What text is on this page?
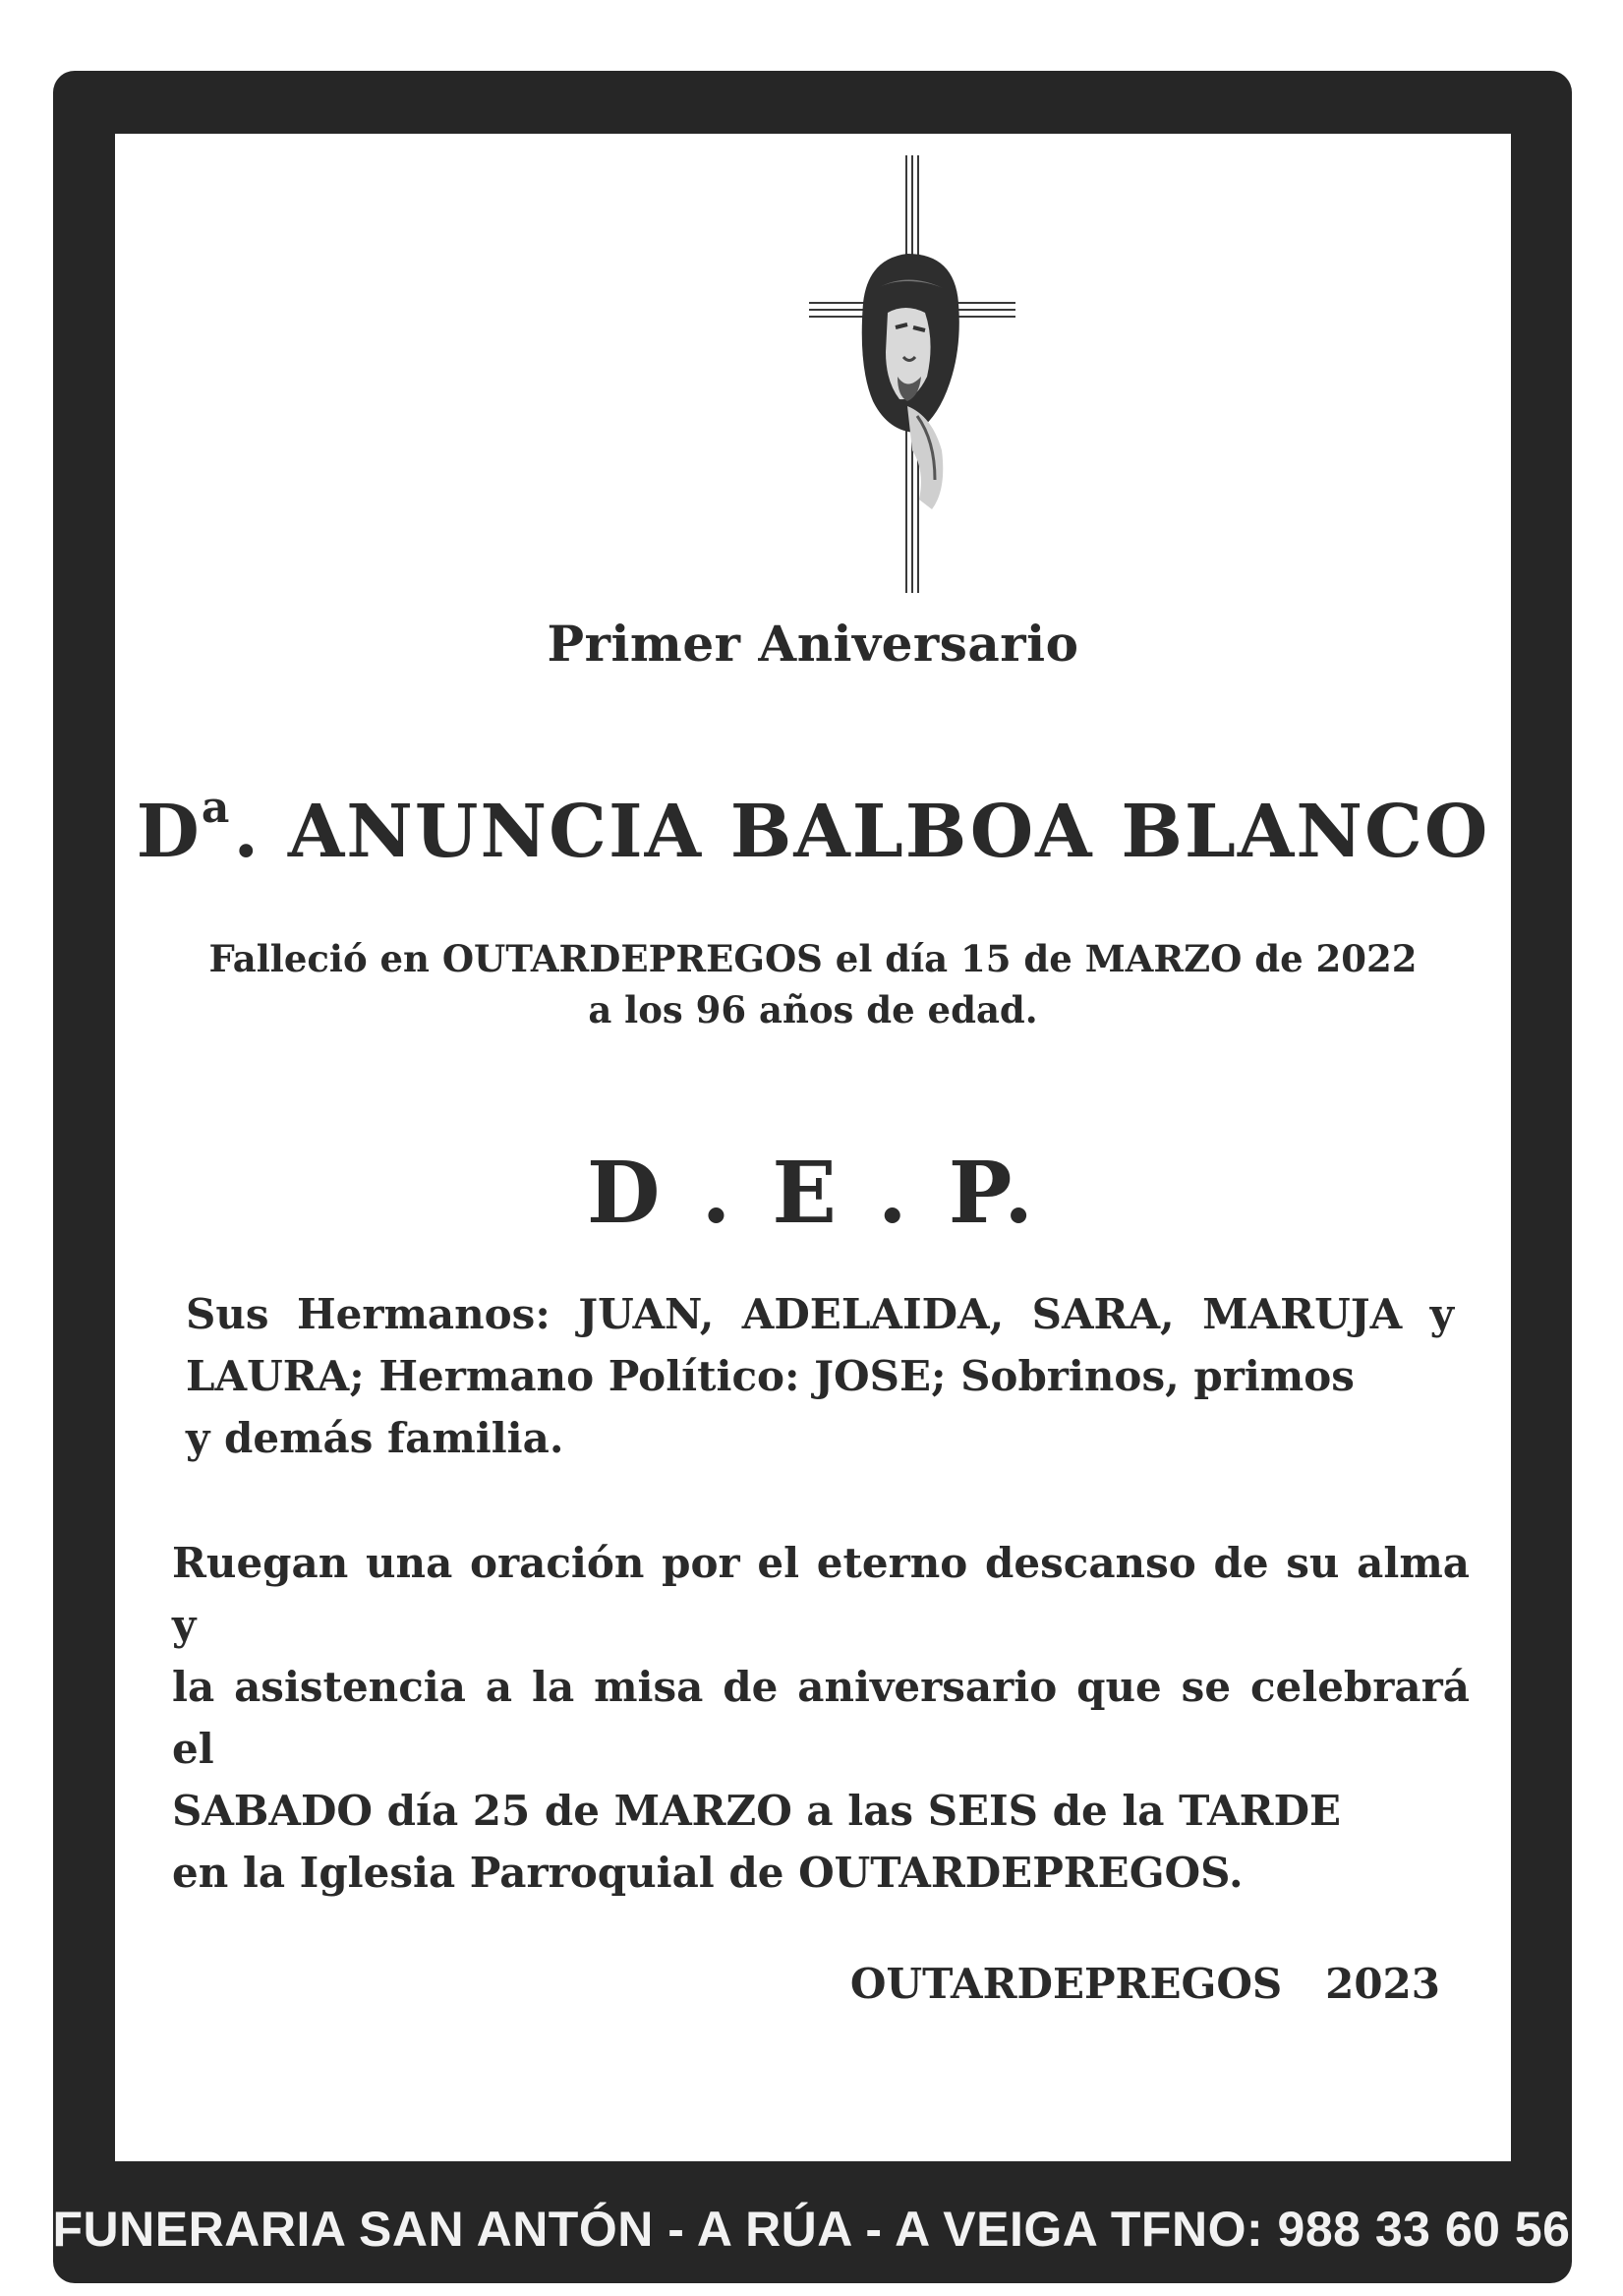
Primer Aniversario
$D^a$. ANUNCIA BALBOA BLANCO
Falleció en OUTARDEPREGOS el día 15 de MARZO de 2022
a los 96 años de edad.
D . E . P.
Sus Hermanos: JUAN, ADELAIDA, SARA, MARUJA y
LAURA; Hermano Político: JOSE; Sobrinos, primos
y demás familia.
Ruegan una oración por el eterno descanso de su alma y
la asistencia a la misa de aniversario que se celebrará el
SABADO día 25 de MARZO a las SEIS de la TARDE
en la Iglesia Parroquial de OUTARDEPREGOS.
OUTARDEPREGOS   2023
FUNERARIA SAN ANTÓN - A RÚA - A VEIGA TFNO: 988 33 60 56
